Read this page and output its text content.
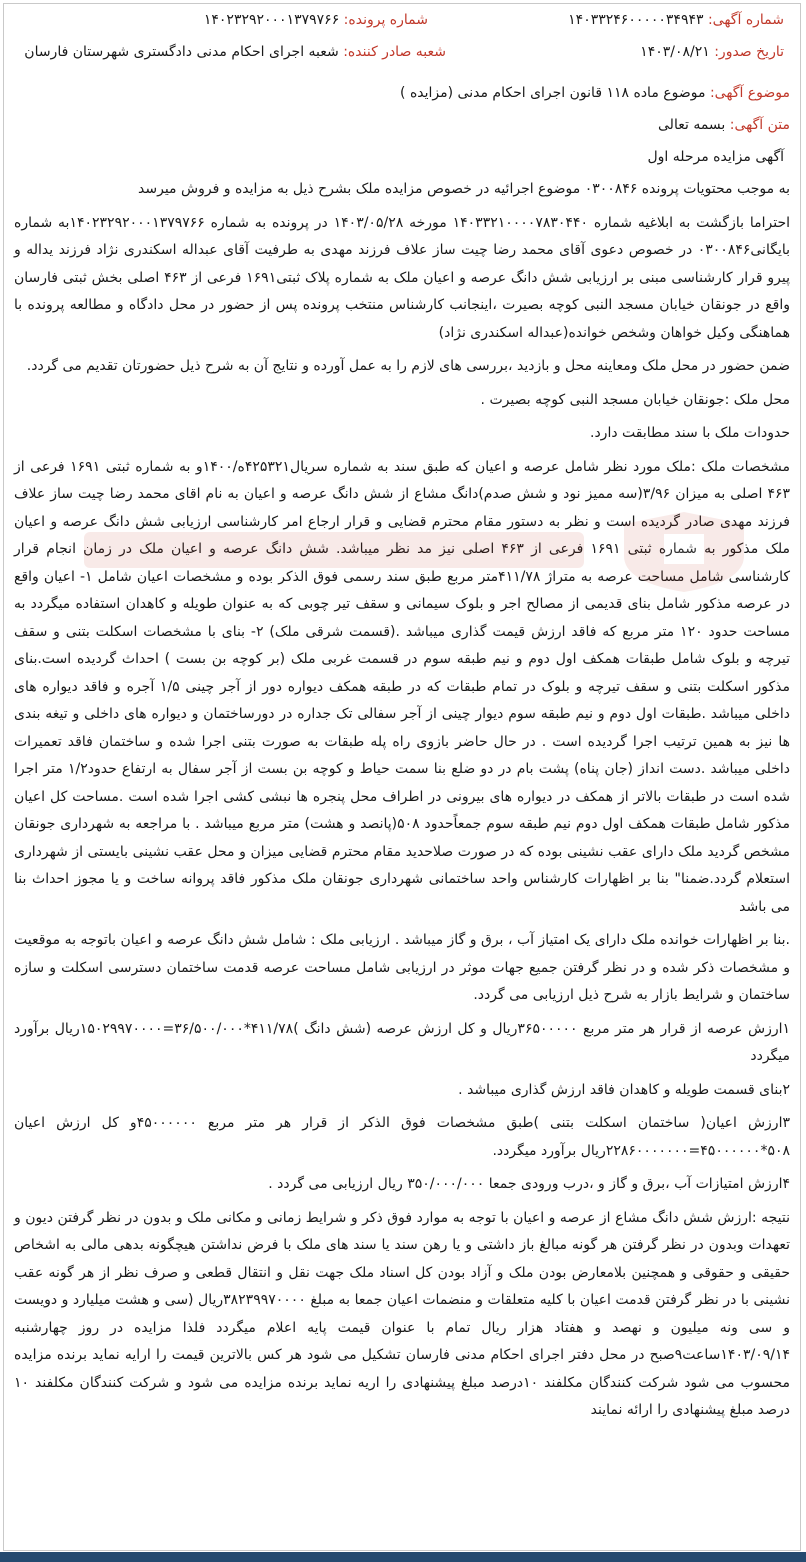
شماره آگهی: ۱۴۰۳۳۲۴۶۰۰۰۰۰۳۴۹۴۳
شماره پرونده: ۱۴۰۲۳۲۹۲۰۰۰۱۳۷۹۷۶۶
تاریخ صدور: ۱۴۰۳/۰۸/۲۱
شعبه صادر کننده: شعبه اجرای احکام مدنی دادگستری شهرستان فارسان

موضوع آگهی: موضوع ماده ۱۱۸ قانون اجرای احکام مدنی (مزایده )

متن آگهی: بسمه تعالی

آگهی مزایده مرحله اول

به موجب محتویات پرونده ۰۳۰۰۸۴۶ موضوع اجرائیه در خصوص مزایده ملک بشرح ذیل به مزایده و فروش میرسد

احتراما بازگشت به ابلاغیه شماره ۱۴۰۳۳۲۱۰۰۰۰۷۸۳۰۴۴۰ مورخه ۱۴۰۳/۰۵/۲۸ در پرونده به شماره ۱۴۰۲۳۲۹۲۰۰۰۱۳۷۹۷۶۶به شماره بایگانی۰۳۰۰۸۴۶ در خصوص دعوی آقای محمد رضا چیت ساز علاف فرزند مهدی به طرفیت آقای عبداله اسکندری نژاد فرزند یداله و پیرو قرار کارشناسی مبنی بر ارزیابی شش دانگ عرصه و اعیان ملک به شماره پلاک ثبتی۱۶۹۱ فرعی از ۴۶۳ اصلی بخش ثبتی فارسان واقع در جونقان خیابان مسجد النبی کوچه بصیرت ،اینجانب کارشناس منتخب پرونده پس از حضور در محل دادگاه و مطالعه پرونده با هماهنگی وکیل خواهان وشخص خوانده(عبداله اسکندری نژاد)

ضمن حضور در محل ملک ومعاینه محل و بازدید ،بررسی های لازم را به عمل آورده و نتایج آن به شرح ذیل حضورتان تقدیم می گردد.

محل ملک :جونقان خیابان مسجد النبی کوچه بصیرت .

حدودات ملک با سند مطابقت دارد.

مشخصات ملک :ملک مورد نظر شامل عرصه و اعیان که طبق سند به شماره سریال۴۲۵۳۲۱ه/۱۴۰۰و به شماره ثبتی ۱۶۹۱ فرعی از ۴۶۳ اصلی به میزان ۳/۹۶(سه ممیز نود و شش صدم)دانگ مشاع از شش دانگ عرصه و اعیان به نام اقای محمد رضا چیت ساز علاف فرزند مهدی صادر گردیده است و نظر به دستور مقام محترم قضایی و قرار ارجاع امر کارشناسی ارزیابی شش دانگ عرصه و اعیان ملک مذکور به شماره ثبتی ۱۶۹۱ فرعی از ۴۶۳ اصلی نیز مد نظر میباشد. شش دانگ عرصه و اعیان ملک در زمان انجام قرار کارشناسی شامل مساحت عرصه به متراژ ۴۱۱/۷۸متر مربع طبق سند رسمی فوق الذکر بوده و مشخصات اعیان شامل ۱- اعیان واقع در عرصه مذکور شامل بنای قدیمی از مصالح اجر و بلوک سیمانی و سقف تیر چوبی که به عنوان طویله و کاهدان استفاده میگردد به مساحت حدود ۱۲۰ متر مربع که فاقد ارزش قیمت گذاری میباشد .(قسمت شرقی ملک) ۲- بنای با مشخصات اسکلت بتنی و سقف تیرچه و بلوک شامل طبقات همکف اول دوم و نیم طبقه سوم در قسمت غربی ملک (بر کوچه بن بست ) احداث گردیده است.بنای مذکور اسکلت بتنی و سقف تیرچه و بلوک در تمام طبقات که در طبقه همکف دیواره دور از آجر چینی ۱/۵ آجره و فاقد دیواره های داخلی میباشد .طبقات اول دوم و نیم طبقه سوم دیوار چینی از آجر سفالی تک جداره در دورساختمان و دیواره های داخلی و تیغه بندی ها نیز به همین ترتیب اجرا گردیده است . در حال حاضر بازوی راه پله طبقات به صورت بتنی اجرا شده و ساختمان فاقد تعمیرات داخلی میباشد .دست انداز (جان پناه) پشت بام در دو ضلع بنا سمت حیاط و کوچه بن بست از آجر سفال به ارتفاع حدود۱/۲ متر اجرا شده است در طبقات بالاتر از همکف در دیواره های بیرونی در اطراف محل پنجره ها نبشی کشی اجرا شده است .مساحت کل اعیان مذکور شامل طبقات همکف اول دوم نیم طبقه سوم جمعاًحدود ۵۰۸(پانصد و هشت) متر مربع میباشد . با مراجعه به شهرداری جونقان مشخص گردید ملک دارای عقب نشینی بوده که در صورت صلاحدید مقام محترم قضایی میزان و محل عقب نشینی بایستی از شهرداری استعلام گردد.ضمنا" بنا بر اظهارات کارشناس واحد ساختمانی شهرداری جونقان ملک مذکور فاقد پروانه ساخت و یا مجوز احداث بنا می باشد

.بنا بر اظهارات خوانده ملک دارای یک امتیاز آب ، برق و گاز میباشد . ارزیابی ملک : شامل شش دانگ عرصه و اعیان باتوجه به موقعیت و مشخصات ذکر شده و در نظر گرفتن جمیع جهات موثر در ارزیابی شامل مساحت عرصه قدمت ساختمان دسترسی اسکلت و سازه ساختمان و شرایط بازار به شرح ذیل ارزیابی می گردد.

۱ارزش عرصه از قرار هر متر مربع ۳۶۵۰۰۰۰۰ریال و کل ارزش عرصه (شش دانگ )۴۱۱/۷۸*۳۶/۵۰۰/۰۰۰=۱۵۰۲۹۹۷۰۰۰۰ریال برآورد میگردد

۲بنای قسمت طویله و کاهدان فاقد ارزش گذاری میباشد .

۳ارزش اعیان( ساختمان اسکلت بتنی )طبق مشخصات فوق الذکر از قرار هر متر مربع ۴۵۰۰۰۰۰۰و کل ارزش اعیان ۵۰۸*۴۵۰۰۰۰۰۰=۲۲۸۶۰۰۰۰۰۰۰ریال برآورد میگردد.

۴ارزش امتیازات آب ،برق و گاز و ،درب ورودی جمعا ۳۵۰/۰۰۰/۰۰۰ ریال ارزیابی می گردد .

نتیجه :ارزش شش دانگ مشاع از عرصه و اعیان با توجه به موارد فوق ذکر و شرایط زمانی و مکانی ملک و بدون در نظر گرفتن دیون و تعهدات وبدون در نظر گرفتن هر گونه مبالغ باز داشتی و یا رهن سند یا سند های ملک با فرض نداشتن هیچگونه بدهی مالی به اشخاص حقیقی و حقوقی و همچنین بلامعارض بودن ملک و آزاد بودن کل اسناد ملک جهت نقل و انتقال قطعی و صرف نظر از هر گونه عقب نشینی با در نظر گرفتن قدمت اعیان با کلیه متعلقات و منضمات اعیان جمعا به مبلغ ۳۸۲۳۹۹۷۰۰۰۰ریال (سی و هشت میلیارد و دویست و سی ونه میلیون و نهصد و هفتاد هزار ریال تمام با عنوان قیمت پایه اعلام میگردد فلذا مزایده در روز چهارشنبه ۱۴۰۳/۰۹/۱۴ساعت۹صبح در محل دفتر اجرای احکام مدنی فارسان تشکیل می شود هر کس بالاترین قیمت را ارایه نماید برنده مزایده محسوب می شود شرکت کنندگان مکلفند ۱۰درصد مبلغ پیشنهادی را اریه نماید برنده مزایده می شود و شرکت کنندگان مکلفند ۱۰ درصد مبلغ پیشنهادی را ارائه نمایند
